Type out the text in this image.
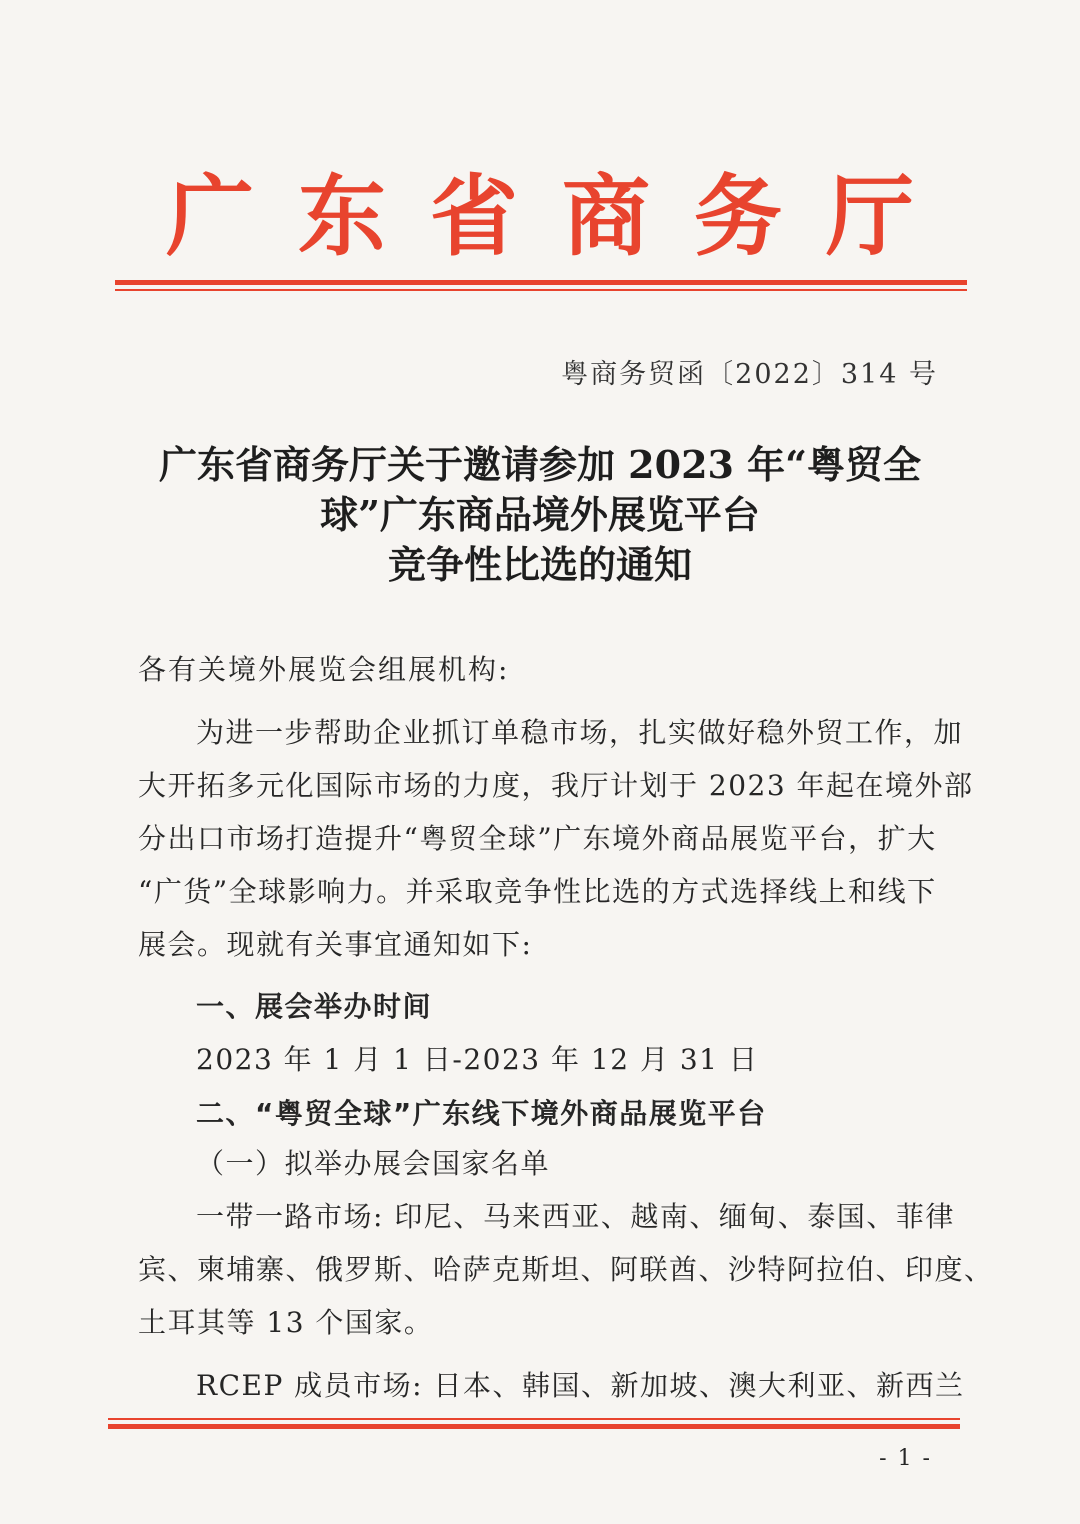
广 东 省 商 务 厅
粤商务贸函〔2022〕314 号
广东省商务厅关于邀请参加 2023 年“粤贸全
球”广东商品境外展览平台
竞争性比选的通知
各有关境外展览会组展机构:
为进一步帮助企业抓订单稳市场，扎实做好稳外贸工作，加
大开拓多元化国际市场的力度，我厅计划于 2023 年起在境外部
分出口市场打造提升“粤贸全球”广东境外商品展览平台，扩大
“广货”全球影响力。并采取竞争性比选的方式选择线上和线下
展会。现就有关事宜通知如下:
一、展会举办时间
2023 年 1 月 1 日-2023 年 12 月 31 日
二、“粤贸全球”广东线下境外商品展览平台
（一）拟举办展会国家名单
一带一路市场: 印尼、马来西亚、越南、缅甸、泰国、菲律
宾、柬埔寨、俄罗斯、哈萨克斯坦、阿联酋、沙特阿拉伯、印度、
土耳其等 13 个国家。
RCEP 成员市场: 日本、韩国、新加坡、澳大利亚、新西兰
- 1 -
